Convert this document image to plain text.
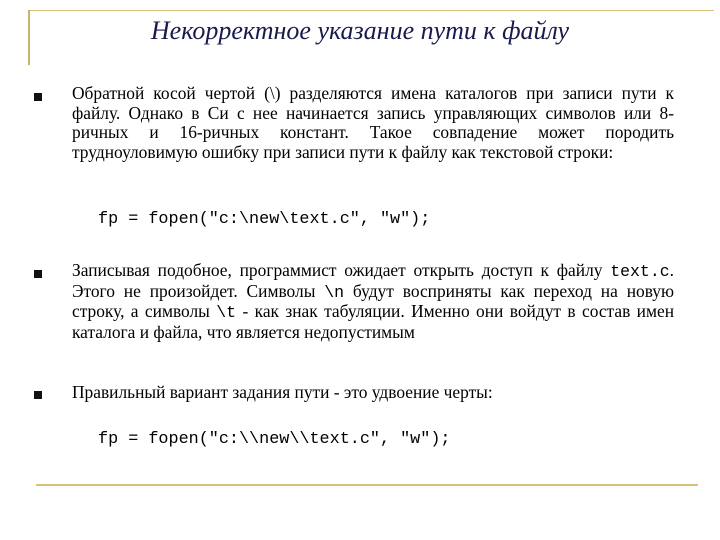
Некорректное указание пути к файлу
Обратной косой чертой (\) разделяются имена каталогов при записи пути к файлу. Однако в Си с нее начинается запись управляющих символов или 8-ричных и 16-ричных констант. Такое совпадение может породить трудноуловимую ошибку при записи пути к файлу как текстовой строки:
fp = fopen("c:\new\text.c", "w");
Записывая подобное, программист ожидает открыть доступ к файлу text.c. Этого не произойдет. Символы \n будут восприняты как переход на новую строку, а символы \t - как знак табуляции. Именно они войдут в состав имен каталога и файла, что является недопустимым
Правильный вариант задания пути - это удвоение черты:
fp = fopen("c:\\new\\text.c", "w");
